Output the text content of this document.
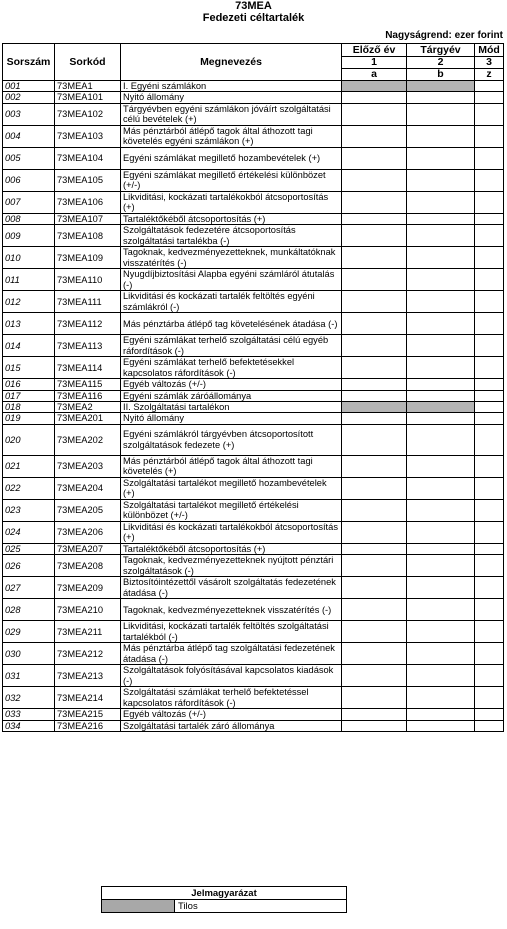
73MEA
Fedezeti céltartalék
Nagyságrend: ezer forint
Sorszám	Sorkód	Megnevezés	Előző év	Tárgyév	Mód
			1	2	3
			a	b	z
001	73MEA1	I. Egyéni számlákon			
002	73MEA101	Nyitó állomány			
003	73MEA102	Tárgyévben egyéni számlákon jóváírt szolgáltatási célú bevételek (+)			
004	73MEA103	Más pénztárból átlépő tagok által áthozott tagi követelés egyéni számlákon (+)			
005	73MEA104	Egyéni számlákat megillető hozambevételek (+)			
006	73MEA105	Egyéni számlákat megillető értékelési különbözet (+/-)			
007	73MEA106	Likviditási, kockázati tartalékokból átcsoportosítás (+)			
008	73MEA107	Tartaléktőkéből átcsoportosítás (+)			
009	73MEA108	Szolgáltatások fedezetére átcsoportosítás szolgáltatási tartalékba (-)			
010	73MEA109	Tagoknak, kedvezményezetteknek, munkáltatóknak visszatérítés (-)			
011	73MEA110	Nyugdíjbiztosítási Alapba egyéni számláról átutalás (-)			
012	73MEA111	Likviditási és kockázati tartalék feltöltés egyéni számlákról (-)			
013	73MEA112	Más pénztárba átlépő tag követelésének átadása (-)			
014	73MEA113	Egyéni számlákat terhelő szolgáltatási célú egyéb ráfordítások (-)			
015	73MEA114	Egyéni számlákat terhelő befektetésekkel kapcsolatos ráfordítások (-)			
016	73MEA115	Egyéb változás (+/-)			
017	73MEA116	Egyéni számlák záróállománya			
018	73MEA2	II. Szolgáltatási tartalékon			
019	73MEA201	Nyitó állomány			
020	73MEA202	Egyéni számlákról tárgyévben átcsoportosított szolgáltatások fedezete (+)			
021	73MEA203	Más pénztárból átlépő tagok által áthozott tagi követelés (+)			
022	73MEA204	Szolgáltatási tartalékot megillető hozambevételek (+)			
023	73MEA205	Szolgáltatási tartalékot megillető értékelési különbözet (+/-)			
024	73MEA206	Likviditási és kockázati tartalékokból átcsoportosítás (+)			
025	73MEA207	Tartaléktőkéből átcsoportosítás (+)			
026	73MEA208	Tagoknak, kedvezményezetteknek nyújtott pénztári szolgáltatások (-)			
027	73MEA209	Biztosítóintézettől vásárolt szolgáltatás fedezetének átadása (-)			
028	73MEA210	Tagoknak, kedvezményezetteknek visszatérítés (-)			
029	73MEA211	Likviditási, kockázati tartalék feltöltés szolgáltatási tartalékból (-)			
030	73MEA212	Más pénztárba átlépő tag szolgáltatási fedezetének átadása (-)			
031	73MEA213	Szolgáltatások folyósításával kapcsolatos kiadások (-)			
032	73MEA214	Szolgáltatási számlákat terhelő befektetéssel kapcsolatos ráfordítások (-)			
033	73MEA215	Egyéb változás (+/-)			
034	73MEA216	Szolgáltatási tartalék záró állománya			
Jelmagyarázat
	Tilos
